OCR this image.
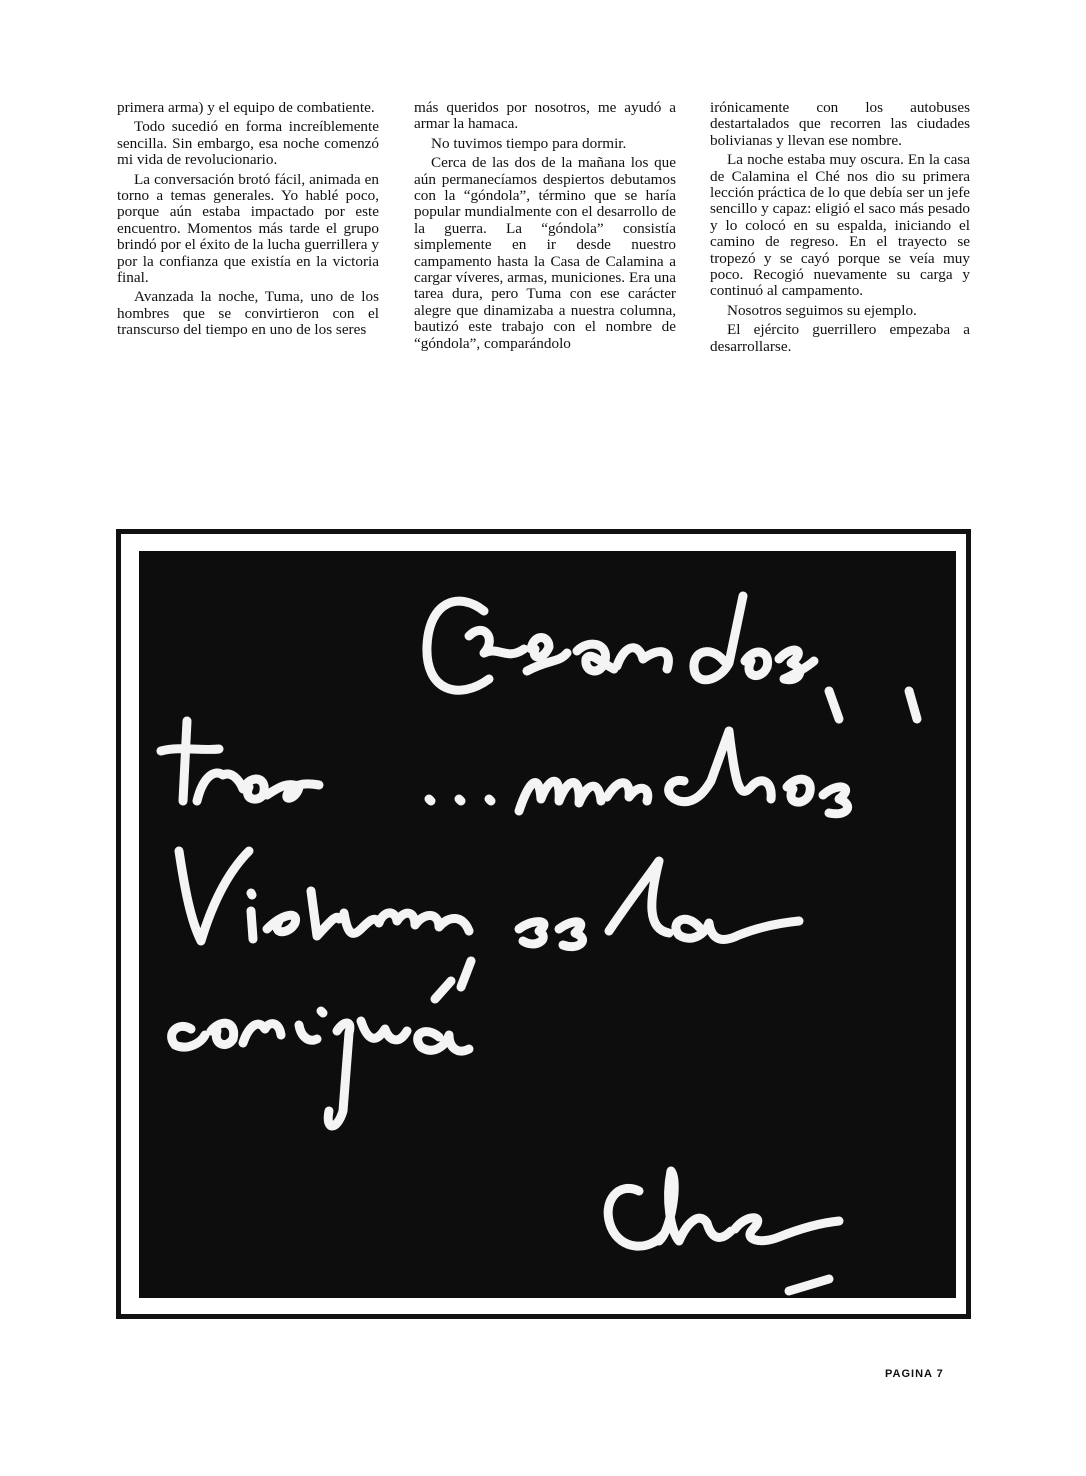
primera arma) y el equipo de combatiente.

Todo sucedió en forma increíblemente sencilla. Sin embargo, esa noche comenzó mi vida de revolucionario.

La conversación brotó fácil, animada en torno a temas generales. Yo hablé poco, porque aún estaba impactado por este encuentro. Momentos más tarde el grupo brindó por el éxito de la lucha guerrillera y por la confianza que existía en la victoria final.

Avanzada la noche, Tuma, uno de los hombres que se convirtieron con el transcurso del tiempo en uno de los seres

más queridos por nosotros, me ayudó a armar la hamaca.

No tuvimos tiempo para dormir.

Cerca de las dos de la mañana los que aún permanecíamos despiertos debutamos con la “góndola”, término que se haría popular mundialmente con el desarrollo de la guerra. La “góndola” consistía simplemente en ir desde nuestro campamento hasta la Casa de Calamina a cargar víveres, armas, municiones. Era una tarea dura, pero Tuma con ese carácter alegre que dinamizaba a nuestra columna, bautizó este trabajo con el nombre de “góndola”, comparándolo

irónicamente con los autobuses destartalados que recorren las ciudades bolivianas y llevan ese nombre.

La noche estaba muy oscura. En la casa de Calamina el Ché nos dio su primera lección práctica de lo que debía ser un jefe sencillo y capaz: eligió el saco más pesado y lo colocó en su espalda, iniciando el camino de regreso. En el trayecto se tropezó y se cayó porque se veía muy poco. Recogió nuevamente su carga y continuó al campamento.

Nosotros seguimos su ejemplo.

El ejército guerrillero empezaba a desarrollarse.

PAGINA 7
